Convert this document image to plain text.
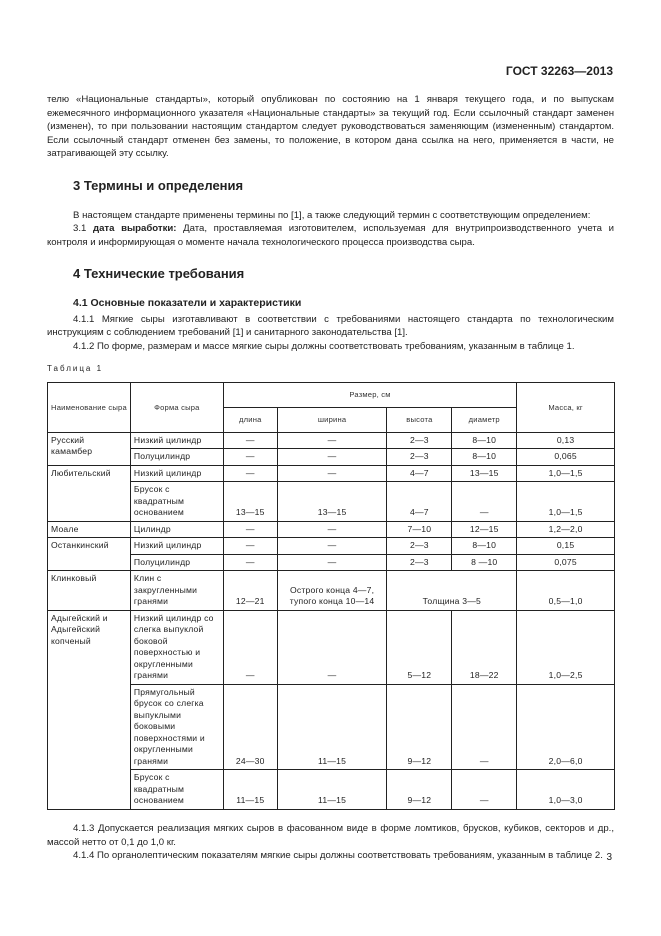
ГОСТ 32263—2013

телю «Национальные стандарты», который опубликован по состоянию на 1 января текущего года, и по выпускам ежемесячного информационного указателя «Национальные стандарты» за текущий год. Если ссылочный стандарт заменен (изменен), то при пользовании настоящим стандартом следует руководствоваться заменяющим (измененным) стандартом. Если ссылочный стандарт отменен без замены, то положение, в котором дана ссылка на него, применяется в части, не затрагивающей эту ссылку.

3 Термины и определения

В настоящем стандарте применены термины по [1], а также следующий термин с соответствующим определением:

3.1 дата выработки: Дата, проставляемая изготовителем, используемая для внутрипроизводственного учета и контроля и информирующая о моменте начала технологического процесса производства сыра.

4 Технические требования
4.1 Основные показатели и характеристики

4.1.1 Мягкие сыры изготавливают в соответствии с требованиями настоящего стандарта по технологическим инструкциям с соблюдением требований [1] и санитарного законодательства [1].

4.1.2 По форме, размерам и массе мягкие сыры должны соответствовать требованиям, указанным в таблице 1.

Таблица 1
Наименование сыра	Форма сыра	Размер, см				Масса, кг
		длина	ширина	высота	диаметр	
Русский камамбер	Низкий цилиндр	—	—	2—3	8—10	0,13
	Полуцилиндр	—	—	2—3	8—10	0,065
Любительский	Низкий цилиндр	—	—	4—7	13—15	1,0—1,5
	Брусок с квадратным основанием	13—15	13—15	4—7	—	1,0—1,5
Моале	Цилиндр	—	—	7—10	12—15	1,2—2,0
Останкинский	Низкий цилиндр	—	—	2—3	8—10	0,15
	Полуцилиндр	—	—	2—3	8 —10	0,075
Клинковый	Клин с закругленными гранями	12—21	Острого конца 4—7, тупого конца 10—14	Толщина 3—5		0,5—1,0
Адыгейский и Адыгейский копченый	Низкий цилиндр со слегка выпуклой боковой поверхностью и округленными гранями	—	—	5—12	18—22	1,0—2,5
	Прямугольный брусок со слегка выпуклыми боковыми поверхностями и округленными гранями	24—30	11—15	9—12	—	2,0—6,0
	Брусок с квадратным основанием	11—15	11—15	9—12	—	1,0—3,0

4.1.3 Допускается реализация мягких сыров в фасованном виде в форме ломтиков, брусков, кубиков, секторов и др., массой нетто от 0,1 до 1,0 кг.

4.1.4 По органолептическим показателям мягкие сыры должны соответствовать требованиям, указанным в таблице 2. 3
